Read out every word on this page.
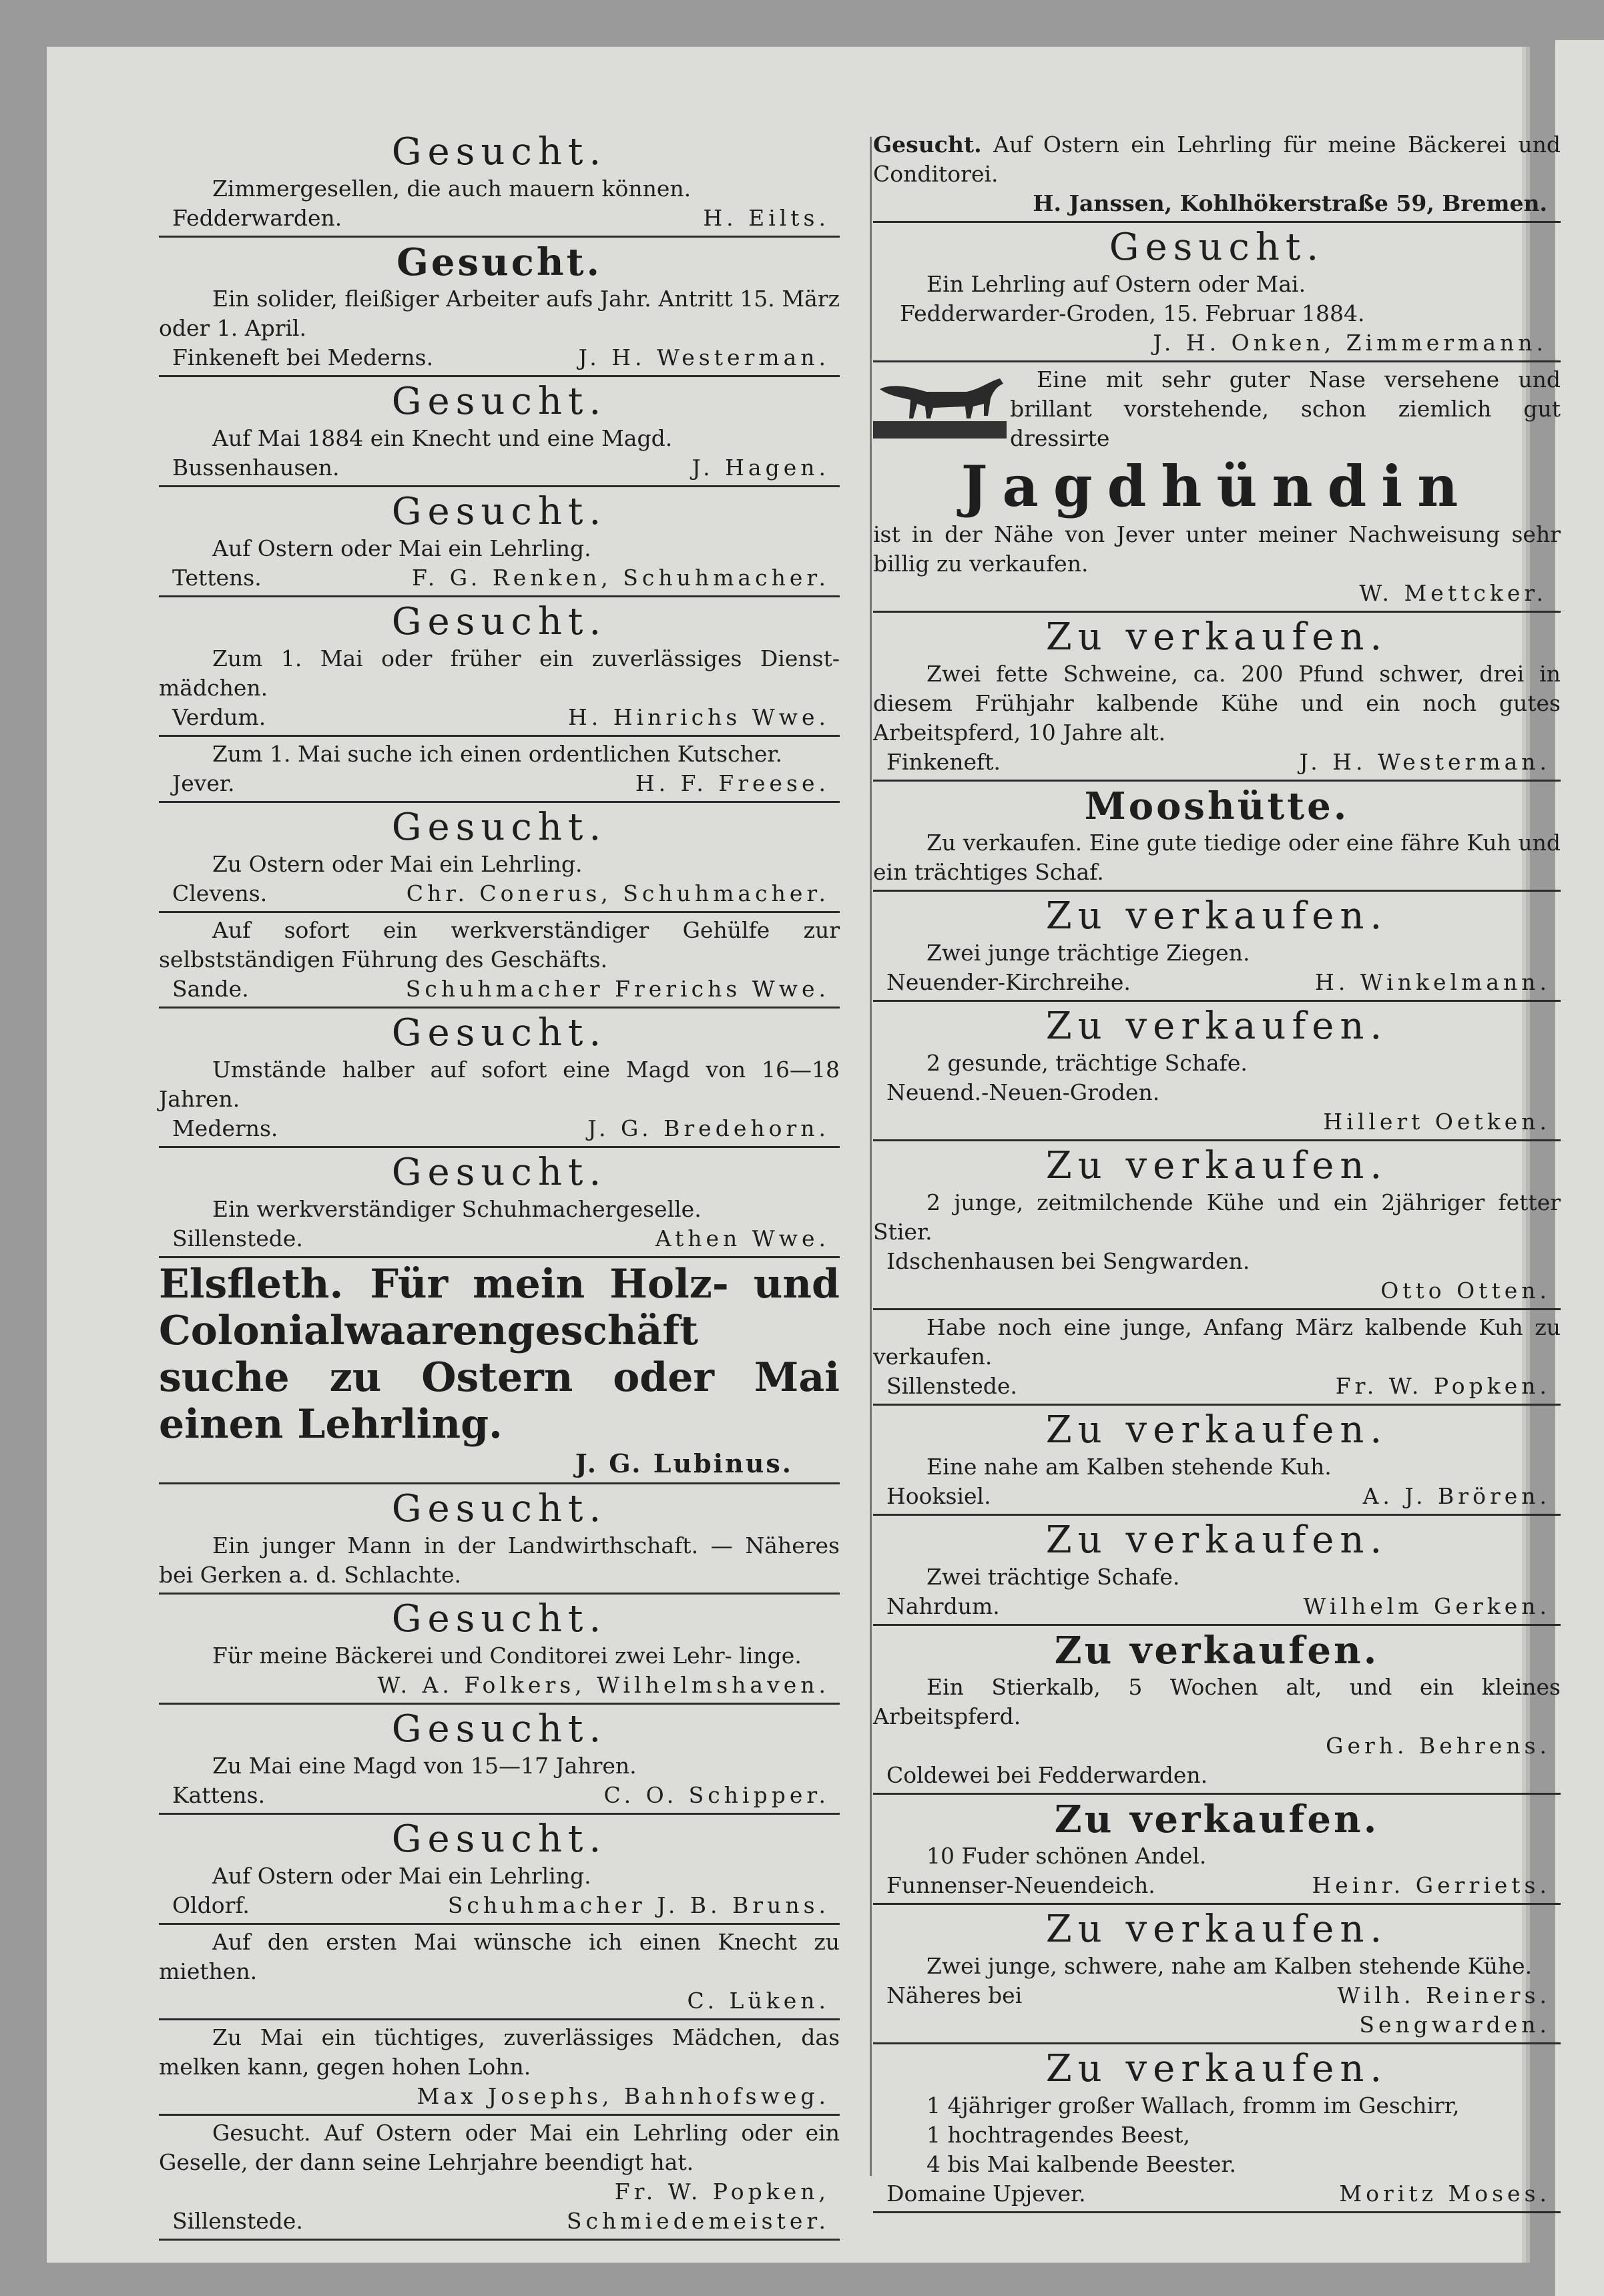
Gesucht.

Zimmergesellen, die auch mauern können.

Fedderwarden.	H. Eilts.
Gesucht.

Ein solider, fleißiger Arbeiter aufs Jahr. Antritt 15. März oder 1. April.

Finkeneft bei Mederns.	J. H. Westerman.
Gesucht.

Auf Mai 1884 ein Knecht und eine Magd.

Bussenhausen.	J. Hagen.
Gesucht.

Auf Ostern oder Mai ein Lehrling.

Tettens.	F. G. Renken, Schuhmacher.
Gesucht.

Zum 1. Mai oder früher ein zuverlässiges Dienst- mädchen.

Verdum.	H. Hinrichs Wwe.

Zum 1. Mai suche ich einen ordentlichen Kutscher.

Jever.	H. F. Freese.
Gesucht.

Zu Ostern oder Mai ein Lehrling.

Clevens.	Chr. Conerus, Schuhmacher.

Auf sofort ein werkverständiger Gehülfe zur selbstständigen Führung des Geschäfts.

Sande.	Schuhmacher Frerichs Wwe.
Gesucht.

Umstände halber auf sofort eine Magd von 16—18 Jahren.

Mederns.	J. G. Bredehorn.
Gesucht.

Ein werkverständiger Schuhmachergeselle.

Sillenstede.	Athen Wwe.
Elsfleth. Für mein Holz- und Colonialwaarengeschäft suche zu Ostern oder Mai einen Lehrling.
J. G. Lubinus.
Gesucht.

Ein junger Mann in der Landwirthschaft. — Näheres bei Gerken a. d. Schlachte.

Gesucht.

Für meine Bäckerei und Conditorei zwei Lehr- linge.

W. A. Folkers, Wilhelmshaven.
Gesucht.

Zu Mai eine Magd von 15—17 Jahren.

Kattens.	C. O. Schipper.
Gesucht.

Auf Ostern oder Mai ein Lehrling.

Oldorf.	Schuhmacher J. B. Bruns.

Auf den ersten Mai wünsche ich einen Knecht zu miethen.

C. Lüken.

Zu Mai ein tüchtiges, zuverlässiges Mädchen, das melken kann, gegen hohen Lohn.

Max Josephs, Bahnhofsweg.

Gesucht. Auf Ostern oder Mai ein Lehrling oder ein Geselle, der dann seine Lehrjahre beendigt hat.

Fr. W. Popken,
Sillenstede.	Schmiedemeister.

Gesucht. Auf Ostern ein Lehrling für meine Bäckerei und Conditorei.

H. Janssen, Kohlhökerstraße 59, Bremen.
Gesucht.

Ein Lehrling auf Ostern oder Mai.

Fedderwarder-Groden, 15. Februar 1884.

J. H. Onken, Zimmermann.

Eine mit sehr guter Nase versehene und brillant vorstehende, schon ziemlich gut dressirte

Jagdhündin

ist in der Nähe von Jever unter meiner Nachweisung sehr billig zu verkaufen.

W. Mettcker.
Zu verkaufen.

Zwei fette Schweine, ca. 200 Pfund schwer, drei in diesem Frühjahr kalbende Kühe und ein noch gutes Arbeitspferd, 10 Jahre alt.

Finkeneft.	J. H. Westerman.
Mooshütte.

Zu verkaufen. Eine gute tiedige oder eine fähre Kuh und ein trächtiges Schaf.

Zu verkaufen.

Zwei junge trächtige Ziegen.

Neuender-Kirchreihe.	H. Winkelmann.
Zu verkaufen.

2 gesunde, trächtige Schafe.

Neuend.-Neuen-Groden.
Hillert Oetken.
Zu verkaufen.

2 junge, zeitmilchende Kühe und ein 2jähriger fetter Stier.

Idschenhausen bei Sengwarden.
Otto Otten.

Habe noch eine junge, Anfang März kalbende Kuh zu verkaufen.

Sillenstede.	Fr. W. Popken.
Zu verkaufen.

Eine nahe am Kalben stehende Kuh.

Hooksiel.	A. J. Brören.
Zu verkaufen.

Zwei trächtige Schafe.

Nahrdum.	Wilhelm Gerken.
Zu verkaufen.

Ein Stierkalb, 5 Wochen alt, und ein kleines Arbeitspferd.

Gerh. Behrens.
Coldewei bei Fedderwarden.
Zu verkaufen.

10 Fuder schönen Andel.

Funnenser-Neuendeich.	Heinr. Gerriets.
Zu verkaufen.

Zwei junge, schwere, nahe am Kalben stehende Kühe.

Näheres bei	Wilh. Reiners.
Sengwarden.
Zu verkaufen.

1 4jähriger großer Wallach, fromm im Geschirr,

1 hochtragendes Beest,

4 bis Mai kalbende Beester.

Domaine Upjever.	Moritz Moses.
